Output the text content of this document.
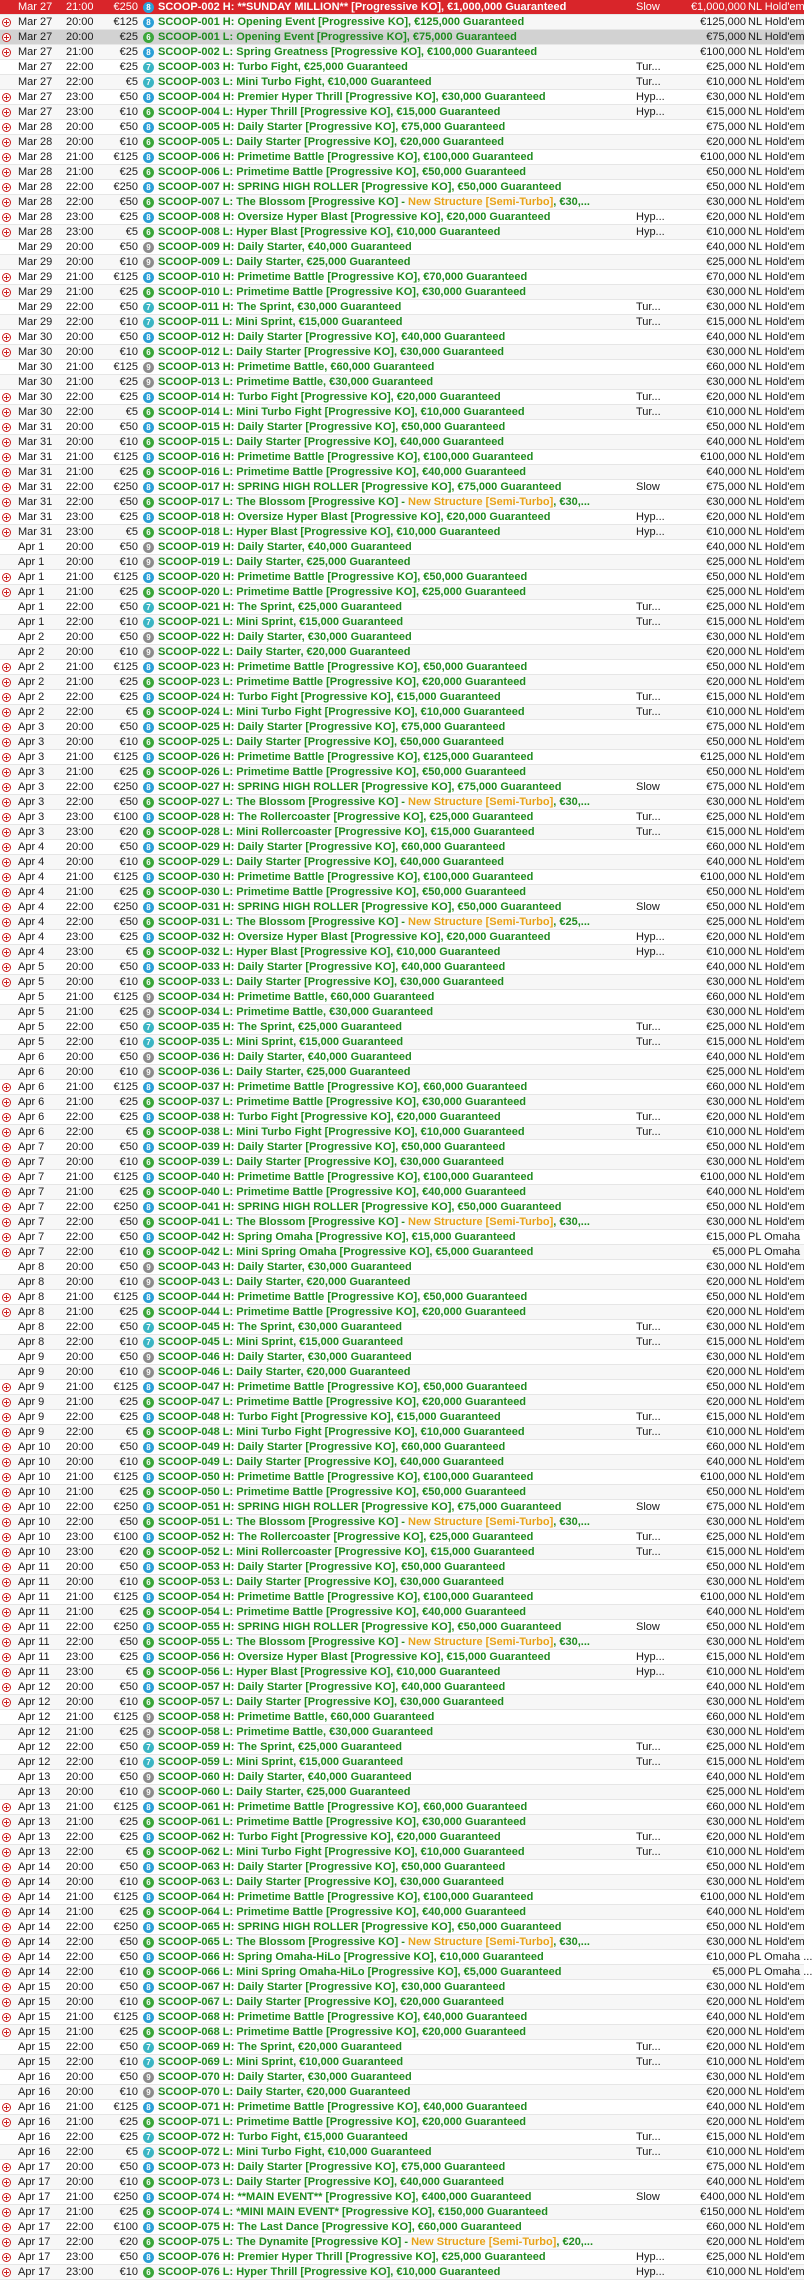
Mar 27	21:00	€250	8 SCOOP-002 H: **SUNDAY MILLION** [Progressive KO], €1,000,000 Guaranteed	Slow	€1,000,000 NL Hold'em
Mar 27	20:00	€125	8 SCOOP-001 H: Opening Event [Progressive KO], €125,000 Guaranteed	€125,000 NL Hold'em
Mar 27	20:00	€25	6 SCOOP-001 L: Opening Event [Progressive KO], €75,000 Guaranteed	€75,000 NL Hold'em
Mar 27	21:00	€25	8 SCOOP-002 L: Spring Greatness [Progressive KO], €100,000 Guaranteed	€100,000 NL Hold'em
Mar 27	22:00	€25	7 SCOOP-003 H: Turbo Fight, €25,000 Guaranteed	Tur...	€25,000 NL Hold'em
Mar 27	22:00	€5	7 SCOOP-003 L: Mini Turbo Fight, €10,000 Guaranteed	Tur...	€10,000 NL Hold'em
Mar 27	23:00	€50	8 SCOOP-004 H: Premier Hyper Thrill [Progressive KO], €30,000 Guaranteed	Hyp...	€30,000 NL Hold'em
Mar 27	23:00	€10	6 SCOOP-004 L: Hyper Thrill [Progressive KO], €15,000 Guaranteed	Hyp...	€15,000 NL Hold'em
Mar 28	20:00	€50	8 SCOOP-005 H: Daily Starter [Progressive KO], €75,000 Guaranteed	€75,000 NL Hold'em
Mar 28	20:00	€10	6 SCOOP-005 L: Daily Starter [Progressive KO], €20,000 Guaranteed	€20,000 NL Hold'em
Mar 28	21:00	€125	8 SCOOP-006 H: Primetime Battle [Progressive KO], €100,000 Guaranteed	€100,000 NL Hold'em
Mar 28	21:00	€25	6 SCOOP-006 L: Primetime Battle [Progressive KO], €50,000 Guaranteed	€50,000 NL Hold'em
Mar 28	22:00	€250	8 SCOOP-007 H: SPRING HIGH ROLLER [Progressive KO], €50,000 Guaranteed	€50,000 NL Hold'em
Mar 28	22:00	€50	6 SCOOP-007 L: The Blossom [Progressive KO] - New Structure [Semi-Turbo], €30,...	€30,000 NL Hold'em
Mar 28	23:00	€25	8 SCOOP-008 H: Oversize Hyper Blast [Progressive KO], €20,000 Guaranteed	Hyp...	€20,000 NL Hold'em
Mar 28	23:00	€5	6 SCOOP-008 L: Hyper Blast [Progressive KO], €10,000 Guaranteed	Hyp...	€10,000 NL Hold'em
Mar 29	20:00	€50	9 SCOOP-009 H: Daily Starter, €40,000 Guaranteed	€40,000 NL Hold'em
Mar 29	20:00	€10	9 SCOOP-009 L: Daily Starter, €25,000 Guaranteed	€25,000 NL Hold'em
Mar 29	21:00	€125	8 SCOOP-010 H: Primetime Battle [Progressive KO], €70,000 Guaranteed	€70,000 NL Hold'em
Mar 29	21:00	€25	6 SCOOP-010 L: Primetime Battle [Progressive KO], €30,000 Guaranteed	€30,000 NL Hold'em
Mar 29	22:00	€50	7 SCOOP-011 H: The Sprint, €30,000 Guaranteed	Tur...	€30,000 NL Hold'em
Mar 29	22:00	€10	7 SCOOP-011 L: Mini Sprint, €15,000 Guaranteed	Tur...	€15,000 NL Hold'em
Mar 30	20:00	€50	8 SCOOP-012 H: Daily Starter [Progressive KO], €40,000 Guaranteed	€40,000 NL Hold'em
Mar 30	20:00	€10	6 SCOOP-012 L: Daily Starter [Progressive KO], €30,000 Guaranteed	€30,000 NL Hold'em
Mar 30	21:00	€125	9 SCOOP-013 H: Primetime Battle, €60,000 Guaranteed	€60,000 NL Hold'em
Mar 30	21:00	€25	9 SCOOP-013 L: Primetime Battle, €30,000 Guaranteed	€30,000 NL Hold'em
Mar 30	22:00	€25	8 SCOOP-014 H: Turbo Fight [Progressive KO], €20,000 Guaranteed	Tur...	€20,000 NL Hold'em
Mar 30	22:00	€5	6 SCOOP-014 L: Mini Turbo Fight [Progressive KO], €10,000 Guaranteed	Tur...	€10,000 NL Hold'em
Mar 31	20:00	€50	8 SCOOP-015 H: Daily Starter [Progressive KO], €50,000 Guaranteed	€50,000 NL Hold'em
Mar 31	20:00	€10	6 SCOOP-015 L: Daily Starter [Progressive KO], €40,000 Guaranteed	€40,000 NL Hold'em
Mar 31	21:00	€125	8 SCOOP-016 H: Primetime Battle [Progressive KO], €100,000 Guaranteed	€100,000 NL Hold'em
Mar 31	21:00	€25	6 SCOOP-016 L: Primetime Battle [Progressive KO], €40,000 Guaranteed	€40,000 NL Hold'em
Mar 31	22:00	€250	8 SCOOP-017 H: SPRING HIGH ROLLER [Progressive KO], €75,000 Guaranteed	Slow	€75,000 NL Hold'em
Mar 31	22:00	€50	6 SCOOP-017 L: The Blossom [Progressive KO] - New Structure [Semi-Turbo], €30,...	€30,000 NL Hold'em
Mar 31	23:00	€25	8 SCOOP-018 H: Oversize Hyper Blast [Progressive KO], €20,000 Guaranteed	Hyp...	€20,000 NL Hold'em
Mar 31	23:00	€5	6 SCOOP-018 L: Hyper Blast [Progressive KO], €10,000 Guaranteed	Hyp...	€10,000 NL Hold'em
Apr 1	20:00	€50	9 SCOOP-019 H: Daily Starter, €40,000 Guaranteed	€40,000 NL Hold'em
Apr 1	20:00	€10	9 SCOOP-019 L: Daily Starter, €25,000 Guaranteed	€25,000 NL Hold'em
Apr 1	21:00	€125	8 SCOOP-020 H: Primetime Battle [Progressive KO], €50,000 Guaranteed	€50,000 NL Hold'em
Apr 1	21:00	€25	6 SCOOP-020 L: Primetime Battle [Progressive KO], €25,000 Guaranteed	€25,000 NL Hold'em
Apr 1	22:00	€50	7 SCOOP-021 H: The Sprint, €25,000 Guaranteed	Tur...	€25,000 NL Hold'em
Apr 1	22:00	€10	7 SCOOP-021 L: Mini Sprint, €15,000 Guaranteed	Tur...	€15,000 NL Hold'em
Apr 2	20:00	€50	9 SCOOP-022 H: Daily Starter, €30,000 Guaranteed	€30,000 NL Hold'em
Apr 2	20:00	€10	9 SCOOP-022 L: Daily Starter, €20,000 Guaranteed	€20,000 NL Hold'em
Apr 2	21:00	€125	8 SCOOP-023 H: Primetime Battle [Progressive KO], €50,000 Guaranteed	€50,000 NL Hold'em
Apr 2	21:00	€25	6 SCOOP-023 L: Primetime Battle [Progressive KO], €20,000 Guaranteed	€20,000 NL Hold'em
Apr 2	22:00	€25	8 SCOOP-024 H: Turbo Fight [Progressive KO], €15,000 Guaranteed	Tur...	€15,000 NL Hold'em
Apr 2	22:00	€5	6 SCOOP-024 L: Mini Turbo Fight [Progressive KO], €10,000 Guaranteed	Tur...	€10,000 NL Hold'em
Apr 3	20:00	€50	8 SCOOP-025 H: Daily Starter [Progressive KO], €75,000 Guaranteed	€75,000 NL Hold'em
Apr 3	20:00	€10	6 SCOOP-025 L: Daily Starter [Progressive KO], €50,000 Guaranteed	€50,000 NL Hold'em
Apr 3	21:00	€125	8 SCOOP-026 H: Primetime Battle [Progressive KO], €125,000 Guaranteed	€125,000 NL Hold'em
Apr 3	21:00	€25	6 SCOOP-026 L: Primetime Battle [Progressive KO], €50,000 Guaranteed	€50,000 NL Hold'em
Apr 3	22:00	€250	8 SCOOP-027 H: SPRING HIGH ROLLER [Progressive KO], €75,000 Guaranteed	Slow	€75,000 NL Hold'em
Apr 3	22:00	€50	6 SCOOP-027 L: The Blossom [Progressive KO] - New Structure [Semi-Turbo], €30,...	€30,000 NL Hold'em
Apr 3	23:00	€100	8 SCOOP-028 H: The Rollercoaster [Progressive KO], €25,000 Guaranteed	Tur...	€25,000 NL Hold'em
Apr 3	23:00	€20	6 SCOOP-028 L: Mini Rollercoaster [Progressive KO], €15,000 Guaranteed	Tur...	€15,000 NL Hold'em
Apr 4	20:00	€50	8 SCOOP-029 H: Daily Starter [Progressive KO], €60,000 Guaranteed	€60,000 NL Hold'em
Apr 4	20:00	€10	6 SCOOP-029 L: Daily Starter [Progressive KO], €40,000 Guaranteed	€40,000 NL Hold'em
Apr 4	21:00	€125	8 SCOOP-030 H: Primetime Battle [Progressive KO], €100,000 Guaranteed	€100,000 NL Hold'em
Apr 4	21:00	€25	6 SCOOP-030 L: Primetime Battle [Progressive KO], €50,000 Guaranteed	€50,000 NL Hold'em
Apr 4	22:00	€250	8 SCOOP-031 H: SPRING HIGH ROLLER [Progressive KO], €50,000 Guaranteed	Slow	€50,000 NL Hold'em
Apr 4	22:00	€50	6 SCOOP-031 L: The Blossom [Progressive KO] - New Structure [Semi-Turbo], €25,...	€25,000 NL Hold'em
Apr 4	23:00	€25	8 SCOOP-032 H: Oversize Hyper Blast [Progressive KO], €20,000 Guaranteed	Hyp...	€20,000 NL Hold'em
Apr 4	23:00	€5	6 SCOOP-032 L: Hyper Blast [Progressive KO], €10,000 Guaranteed	Hyp...	€10,000 NL Hold'em
Apr 5	20:00	€50	8 SCOOP-033 H: Daily Starter [Progressive KO], €40,000 Guaranteed	€40,000 NL Hold'em
Apr 5	20:00	€10	6 SCOOP-033 L: Daily Starter [Progressive KO], €30,000 Guaranteed	€30,000 NL Hold'em
Apr 5	21:00	€125	9 SCOOP-034 H: Primetime Battle, €60,000 Guaranteed	€60,000 NL Hold'em
Apr 5	21:00	€25	9 SCOOP-034 L: Primetime Battle, €30,000 Guaranteed	€30,000 NL Hold'em
Apr 5	22:00	€50	7 SCOOP-035 H: The Sprint, €25,000 Guaranteed	Tur...	€25,000 NL Hold'em
Apr 5	22:00	€10	7 SCOOP-035 L: Mini Sprint, €15,000 Guaranteed	Tur...	€15,000 NL Hold'em
Apr 6	20:00	€50	9 SCOOP-036 H: Daily Starter, €40,000 Guaranteed	€40,000 NL Hold'em
Apr 6	20:00	€10	9 SCOOP-036 L: Daily Starter, €25,000 Guaranteed	€25,000 NL Hold'em
Apr 6	21:00	€125	8 SCOOP-037 H: Primetime Battle [Progressive KO], €60,000 Guaranteed	€60,000 NL Hold'em
Apr 6	21:00	€25	6 SCOOP-037 L: Primetime Battle [Progressive KO], €30,000 Guaranteed	€30,000 NL Hold'em
Apr 6	22:00	€25	8 SCOOP-038 H: Turbo Fight [Progressive KO], €20,000 Guaranteed	Tur...	€20,000 NL Hold'em
Apr 6	22:00	€5	6 SCOOP-038 L: Mini Turbo Fight [Progressive KO], €10,000 Guaranteed	Tur...	€10,000 NL Hold'em
Apr 7	20:00	€50	8 SCOOP-039 H: Daily Starter [Progressive KO], €50,000 Guaranteed	€50,000 NL Hold'em
Apr 7	20:00	€10	6 SCOOP-039 L: Daily Starter [Progressive KO], €30,000 Guaranteed	€30,000 NL Hold'em
Apr 7	21:00	€125	8 SCOOP-040 H: Primetime Battle [Progressive KO], €100,000 Guaranteed	€100,000 NL Hold'em
Apr 7	21:00	€25	6 SCOOP-040 L: Primetime Battle [Progressive KO], €40,000 Guaranteed	€40,000 NL Hold'em
Apr 7	22:00	€250	8 SCOOP-041 H: SPRING HIGH ROLLER [Progressive KO], €50,000 Guaranteed	€50,000 NL Hold'em
Apr 7	22:00	€50	6 SCOOP-041 L: The Blossom [Progressive KO] - New Structure [Semi-Turbo], €30,...	€30,000 NL Hold'em
Apr 7	22:00	€50	8 SCOOP-042 H: Spring Omaha [Progressive KO], €15,000 Guaranteed	€15,000 PL Omaha
Apr 7	22:00	€10	6 SCOOP-042 L: Mini Spring Omaha [Progressive KO], €5,000 Guaranteed	€5,000 PL Omaha
Apr 8	20:00	€50	9 SCOOP-043 H: Daily Starter, €30,000 Guaranteed	€30,000 NL Hold'em
Apr 8	20:00	€10	9 SCOOP-043 L: Daily Starter, €20,000 Guaranteed	€20,000 NL Hold'em
Apr 8	21:00	€125	8 SCOOP-044 H: Primetime Battle [Progressive KO], €50,000 Guaranteed	€50,000 NL Hold'em
Apr 8	21:00	€25	6 SCOOP-044 L: Primetime Battle [Progressive KO], €20,000 Guaranteed	€20,000 NL Hold'em
Apr 8	22:00	€50	7 SCOOP-045 H: The Sprint, €30,000 Guaranteed	Tur...	€30,000 NL Hold'em
Apr 8	22:00	€10	7 SCOOP-045 L: Mini Sprint, €15,000 Guaranteed	Tur...	€15,000 NL Hold'em
Apr 9	20:00	€50	9 SCOOP-046 H: Daily Starter, €30,000 Guaranteed	€30,000 NL Hold'em
Apr 9	20:00	€10	9 SCOOP-046 L: Daily Starter, €20,000 Guaranteed	€20,000 NL Hold'em
Apr 9	21:00	€125	8 SCOOP-047 H: Primetime Battle [Progressive KO], €50,000 Guaranteed	€50,000 NL Hold'em
Apr 9	21:00	€25	6 SCOOP-047 L: Primetime Battle [Progressive KO], €20,000 Guaranteed	€20,000 NL Hold'em
Apr 9	22:00	€25	8 SCOOP-048 H: Turbo Fight [Progressive KO], €15,000 Guaranteed	Tur...	€15,000 NL Hold'em
Apr 9	22:00	€5	6 SCOOP-048 L: Mini Turbo Fight [Progressive KO], €10,000 Guaranteed	Tur...	€10,000 NL Hold'em
Apr 10	20:00	€50	8 SCOOP-049 H: Daily Starter [Progressive KO], €60,000 Guaranteed	€60,000 NL Hold'em
Apr 10	20:00	€10	6 SCOOP-049 L: Daily Starter [Progressive KO], €40,000 Guaranteed	€40,000 NL Hold'em
Apr 10	21:00	€125	8 SCOOP-050 H: Primetime Battle [Progressive KO], €100,000 Guaranteed	€100,000 NL Hold'em
Apr 10	21:00	€25	6 SCOOP-050 L: Primetime Battle [Progressive KO], €50,000 Guaranteed	€50,000 NL Hold'em
Apr 10	22:00	€250	8 SCOOP-051 H: SPRING HIGH ROLLER [Progressive KO], €75,000 Guaranteed	Slow	€75,000 NL Hold'em
Apr 10	22:00	€50	6 SCOOP-051 L: The Blossom [Progressive KO] - New Structure [Semi-Turbo], €30,...	€30,000 NL Hold'em
Apr 10	23:00	€100	8 SCOOP-052 H: The Rollercoaster [Progressive KO], €25,000 Guaranteed	Tur...	€25,000 NL Hold'em
Apr 10	23:00	€20	6 SCOOP-052 L: Mini Rollercoaster [Progressive KO], €15,000 Guaranteed	Tur...	€15,000 NL Hold'em
Apr 11	20:00	€50	8 SCOOP-053 H: Daily Starter [Progressive KO], €50,000 Guaranteed	€50,000 NL Hold'em
Apr 11	20:00	€10	6 SCOOP-053 L: Daily Starter [Progressive KO], €30,000 Guaranteed	€30,000 NL Hold'em
Apr 11	21:00	€125	8 SCOOP-054 H: Primetime Battle [Progressive KO], €100,000 Guaranteed	€100,000 NL Hold'em
Apr 11	21:00	€25	6 SCOOP-054 L: Primetime Battle [Progressive KO], €40,000 Guaranteed	€40,000 NL Hold'em
Apr 11	22:00	€250	8 SCOOP-055 H: SPRING HIGH ROLLER [Progressive KO], €50,000 Guaranteed	Slow	€50,000 NL Hold'em
Apr 11	22:00	€50	6 SCOOP-055 L: The Blossom [Progressive KO] - New Structure [Semi-Turbo], €30,...	€30,000 NL Hold'em
Apr 11	23:00	€25	8 SCOOP-056 H: Oversize Hyper Blast [Progressive KO], €15,000 Guaranteed	Hyp...	€15,000 NL Hold'em
Apr 11	23:00	€5	6 SCOOP-056 L: Hyper Blast [Progressive KO], €10,000 Guaranteed	Hyp...	€10,000 NL Hold'em
Apr 12	20:00	€50	8 SCOOP-057 H: Daily Starter [Progressive KO], €40,000 Guaranteed	€40,000 NL Hold'em
Apr 12	20:00	€10	6 SCOOP-057 L: Daily Starter [Progressive KO], €30,000 Guaranteed	€30,000 NL Hold'em
Apr 12	21:00	€125	9 SCOOP-058 H: Primetime Battle, €60,000 Guaranteed	€60,000 NL Hold'em
Apr 12	21:00	€25	9 SCOOP-058 L: Primetime Battle, €30,000 Guaranteed	€30,000 NL Hold'em
Apr 12	22:00	€50	7 SCOOP-059 H: The Sprint, €25,000 Guaranteed	Tur...	€25,000 NL Hold'em
Apr 12	22:00	€10	7 SCOOP-059 L: Mini Sprint, €15,000 Guaranteed	Tur...	€15,000 NL Hold'em
Apr 13	20:00	€50	9 SCOOP-060 H: Daily Starter, €40,000 Guaranteed	€40,000 NL Hold'em
Apr 13	20:00	€10	9 SCOOP-060 L: Daily Starter, €25,000 Guaranteed	€25,000 NL Hold'em
Apr 13	21:00	€125	8 SCOOP-061 H: Primetime Battle [Progressive KO], €60,000 Guaranteed	€60,000 NL Hold'em
Apr 13	21:00	€25	6 SCOOP-061 L: Primetime Battle [Progressive KO], €30,000 Guaranteed	€30,000 NL Hold'em
Apr 13	22:00	€25	8 SCOOP-062 H: Turbo Fight [Progressive KO], €20,000 Guaranteed	Tur...	€20,000 NL Hold'em
Apr 13	22:00	€5	6 SCOOP-062 L: Mini Turbo Fight [Progressive KO], €10,000 Guaranteed	Tur...	€10,000 NL Hold'em
Apr 14	20:00	€50	8 SCOOP-063 H: Daily Starter [Progressive KO], €50,000 Guaranteed	€50,000 NL Hold'em
Apr 14	20:00	€10	6 SCOOP-063 L: Daily Starter [Progressive KO], €30,000 Guaranteed	€30,000 NL Hold'em
Apr 14	21:00	€125	8 SCOOP-064 H: Primetime Battle [Progressive KO], €100,000 Guaranteed	€100,000 NL Hold'em
Apr 14	21:00	€25	6 SCOOP-064 L: Primetime Battle [Progressive KO], €40,000 Guaranteed	€40,000 NL Hold'em
Apr 14	22:00	€250	8 SCOOP-065 H: SPRING HIGH ROLLER [Progressive KO], €50,000 Guaranteed	€50,000 NL Hold'em
Apr 14	22:00	€50	6 SCOOP-065 L: The Blossom [Progressive KO] - New Structure [Semi-Turbo], €30,...	€30,000 NL Hold'em
Apr 14	22:00	€50	8 SCOOP-066 H: Spring Omaha-HiLo [Progressive KO], €10,000 Guaranteed	€10,000 PL Omaha ...
Apr 14	22:00	€10	6 SCOOP-066 L: Mini Spring Omaha-HiLo [Progressive KO], €5,000 Guaranteed	€5,000 PL Omaha ...
Apr 15	20:00	€50	8 SCOOP-067 H: Daily Starter [Progressive KO], €30,000 Guaranteed	€30,000 NL Hold'em
Apr 15	20:00	€10	6 SCOOP-067 L: Daily Starter [Progressive KO], €20,000 Guaranteed	€20,000 NL Hold'em
Apr 15	21:00	€125	8 SCOOP-068 H: Primetime Battle [Progressive KO], €40,000 Guaranteed	€40,000 NL Hold'em
Apr 15	21:00	€25	6 SCOOP-068 L: Primetime Battle [Progressive KO], €20,000 Guaranteed	€20,000 NL Hold'em
Apr 15	22:00	€50	7 SCOOP-069 H: The Sprint, €20,000 Guaranteed	Tur...	€20,000 NL Hold'em
Apr 15	22:00	€10	7 SCOOP-069 L: Mini Sprint, €10,000 Guaranteed	Tur...	€10,000 NL Hold'em
Apr 16	20:00	€50	9 SCOOP-070 H: Daily Starter, €30,000 Guaranteed	€30,000 NL Hold'em
Apr 16	20:00	€10	9 SCOOP-070 L: Daily Starter, €20,000 Guaranteed	€20,000 NL Hold'em
Apr 16	21:00	€125	8 SCOOP-071 H: Primetime Battle [Progressive KO], €40,000 Guaranteed	€40,000 NL Hold'em
Apr 16	21:00	€25	6 SCOOP-071 L: Primetime Battle [Progressive KO], €20,000 Guaranteed	€20,000 NL Hold'em
Apr 16	22:00	€25	7 SCOOP-072 H: Turbo Fight, €15,000 Guaranteed	Tur...	€15,000 NL Hold'em
Apr 16	22:00	€5	7 SCOOP-072 L: Mini Turbo Fight, €10,000 Guaranteed	Tur...	€10,000 NL Hold'em
Apr 17	20:00	€50	8 SCOOP-073 H: Daily Starter [Progressive KO], €75,000 Guaranteed	€75,000 NL Hold'em
Apr 17	20:00	€10	6 SCOOP-073 L: Daily Starter [Progressive KO], €40,000 Guaranteed	€40,000 NL Hold'em
Apr 17	21:00	€250	8 SCOOP-074 H: **MAIN EVENT** [Progressive KO], €400,000 Guaranteed	Slow	€400,000 NL Hold'em
Apr 17	21:00	€25	6 SCOOP-074 L: *MINI MAIN EVENT* [Progressive KO], €150,000 Guaranteed	€150,000 NL Hold'em
Apr 17	22:00	€100	8 SCOOP-075 H: The Last Dance [Progressive KO], €60,000 Guaranteed	€60,000 NL Hold'em
Apr 17	22:00	€20	6 SCOOP-075 L: The Dynamite [Progressive KO] - New Structure [Semi-Turbo], €20,...	€20,000 NL Hold'em
Apr 17	23:00	€50	8 SCOOP-076 H: Premier Hyper Thrill [Progressive KO], €25,000 Guaranteed	Hyp...	€25,000 NL Hold'em
Apr 17	23:00	€10	6 SCOOP-076 L: Hyper Thrill [Progressive KO], €10,000 Guaranteed	Hyp...	€10,000 NL Hold'em
